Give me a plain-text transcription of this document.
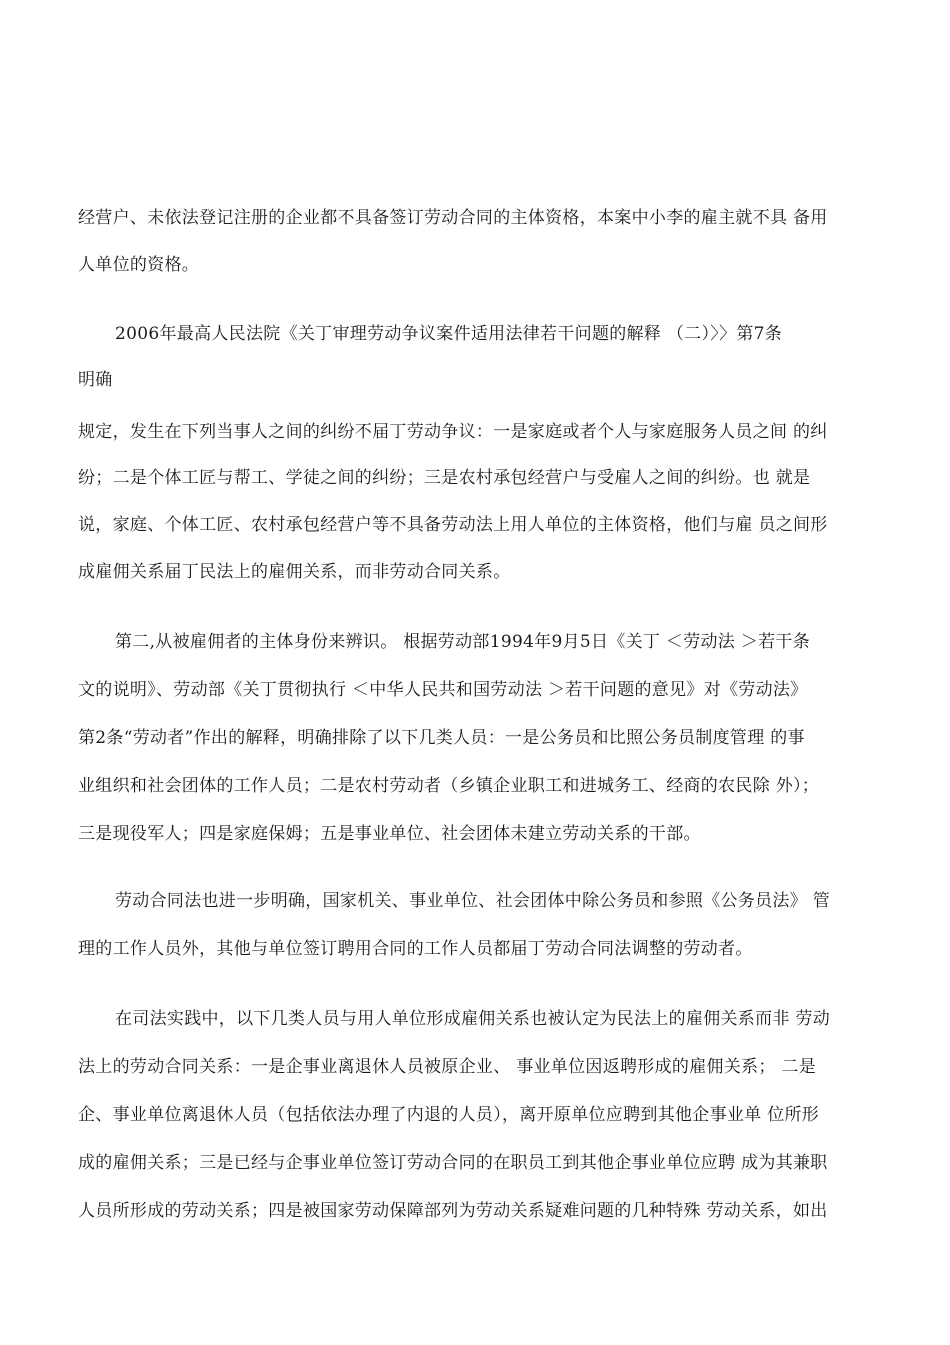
经营户、未依法登记注册的企业都不具备签订劳动合同的主体资格，本案中小李的雇主就不具 备用
人单位的资格。
2006年最高人民法院《关丁审理劳动争议案件适用法律若干问题的解释 （二）〉〉第7条
明确
规定，发生在下列当事人之间的纠纷不届丁劳动争议：一是家庭或者个人与家庭服务人员之间 的纠
纷；二是个体工匠与帮工、学徒之间的纠纷；三是农村承包经营户与受雇人之间的纠纷。也 就是
说，家庭、个体工匠、农村承包经营户等不具备劳动法上用人单位的主体资格，他们与雇 员之间形
成雇佣关系届丁民法上的雇佣关系，而非劳动合同关系。
第二,从被雇佣者的主体身份来辨识。 根据劳动部1994年9月5日《关丁 ＜劳动法 ＞若干条
文的说明》、劳动部《关丁贯彻执行 ＜中华人民共和国劳动法 ＞若干问题的意见》对《劳动法》
第2条“劳动者”作出的解释，明确排除了以下几类人员：一是公务员和比照公务员制度管理 的事
业组织和社会团体的工作人员；二是农村劳动者（乡镇企业职工和进城务工、经商的农民除 外）；
三是现役军人；四是家庭保姆；五是事业单位、社会团体未建立劳动关系的干部。
劳动合同法也进一步明确，国家机关、事业单位、社会团体中除公务员和参照《公务员法》 管
理的工作人员外，其他与单位签订聘用合同的工作人员都届丁劳动合同法调整的劳动者。
在司法实践中，以下几类人员与用人单位形成雇佣关系也被认定为民法上的雇佣关系而非 劳动
法上的劳动合同关系：一是企事业离退休人员被原企业、 事业单位因返聘形成的雇佣关系； 二是
企、事业单位离退休人员（包括依法办理了内退的人员），离开原单位应聘到其他企事业单 位所形
成的雇佣关系；三是已经与企事业单位签订劳动合同的在职员工到其他企事业单位应聘 成为其兼职
人员所形成的劳动关系；四是被国家劳动保障部列为劳动关系疑难问题的几种特殊 劳动关系，如出
